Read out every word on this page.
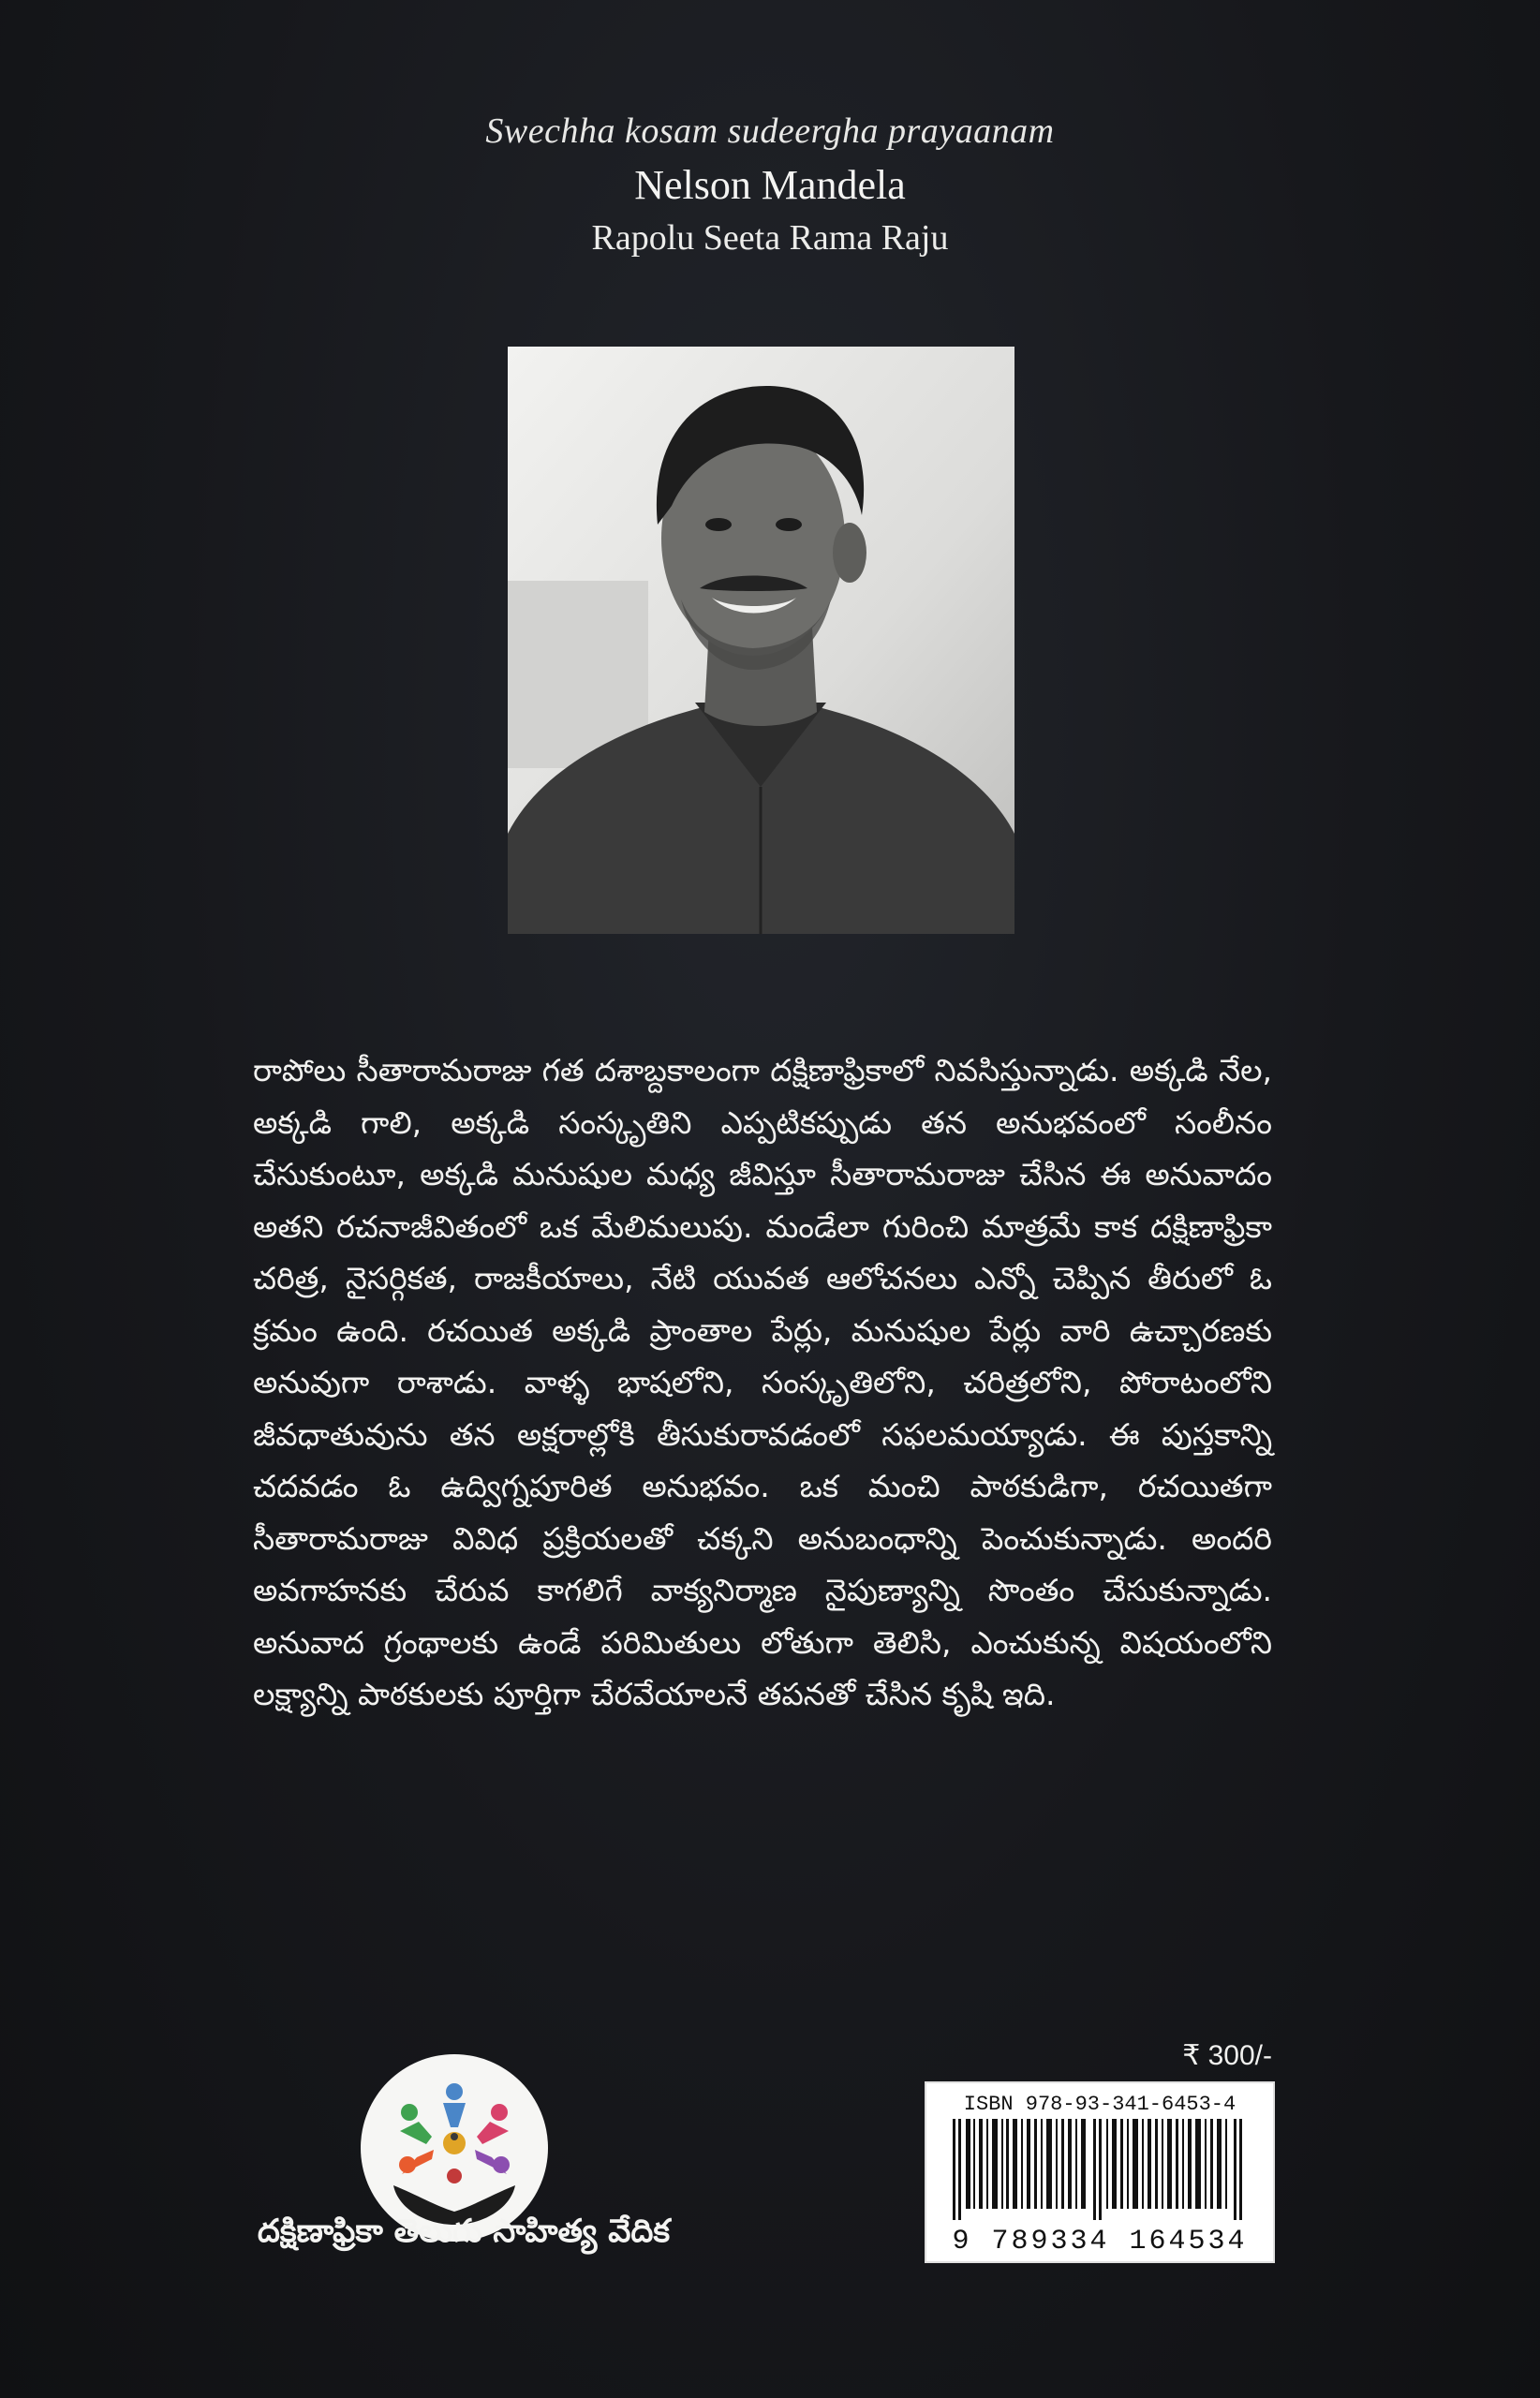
Swechha kosam sudeergha prayaanam
Nelson Mandela
Rapolu Seeta Rama Raju

రాపోలు సీతారామరాజు గత దశాబ్దకాలంగా దక్షిణాఫ్రికాలో నివసిస్తున్నాడు. అక్కడి నేల, అక్కడి గాలి, అక్కడి సంస్కృతిని ఎప్పటికప్పుడు తన అనుభవంలో సంలీనం చేసుకుంటూ, అక్కడి మనుషుల మధ్య జీవిస్తూ సీతారామరాజు చేసిన ఈ అనువాదం అతని రచనాజీవితంలో ఒక మేలిమలుపు. మండేలా గురించి మాత్రమే కాక దక్షిణాఫ్రికా చరిత్ర, నైసర్గికత, రాజకీయాలు, నేటి యువత ఆలోచనలు ఎన్నో చెప్పిన తీరులో ఓ క్రమం ఉంది. రచయిత అక్కడి ప్రాంతాల పేర్లు, మనుషుల పేర్లు వారి ఉచ్చారణకు అనువుగా రాశాడు. వాళ్ళ భాషలోని, సంస్కృతిలోని, చరిత్రలోని, పోరాటంలోని జీవధాతువును తన అక్షరాల్లోకి తీసుకురావడంలో సఫలమయ్యాడు. ఈ పుస్తకాన్ని చదవడం ఓ ఉద్విగ్నపూరిత అనుభవం. ఒక మంచి పాఠకుడిగా, రచయితగా సీతారామరాజు వివిధ ప్రక్రియలతో చక్కని అనుబంధాన్ని పెంచుకున్నాడు. అందరి అవగాహనకు చేరువ కాగలిగే వాక్యనిర్మాణ నైపుణ్యాన్ని సొంతం చేసుకున్నాడు. అనువాద గ్రంథాలకు ఉండే పరిమితులు లోతుగా తెలిసి, ఎంచుకున్న విషయంలోని లక్ష్యాన్ని పాఠకులకు పూర్తిగా చేరవేయాలనే తపనతో చేసిన కృషి ఇది.

దక్షిణాఫ్రికా తెలుగు సాహిత్య వేదిక
₹ 300/-
ISBN 978-93-341-6453-4
9 789334 164534
